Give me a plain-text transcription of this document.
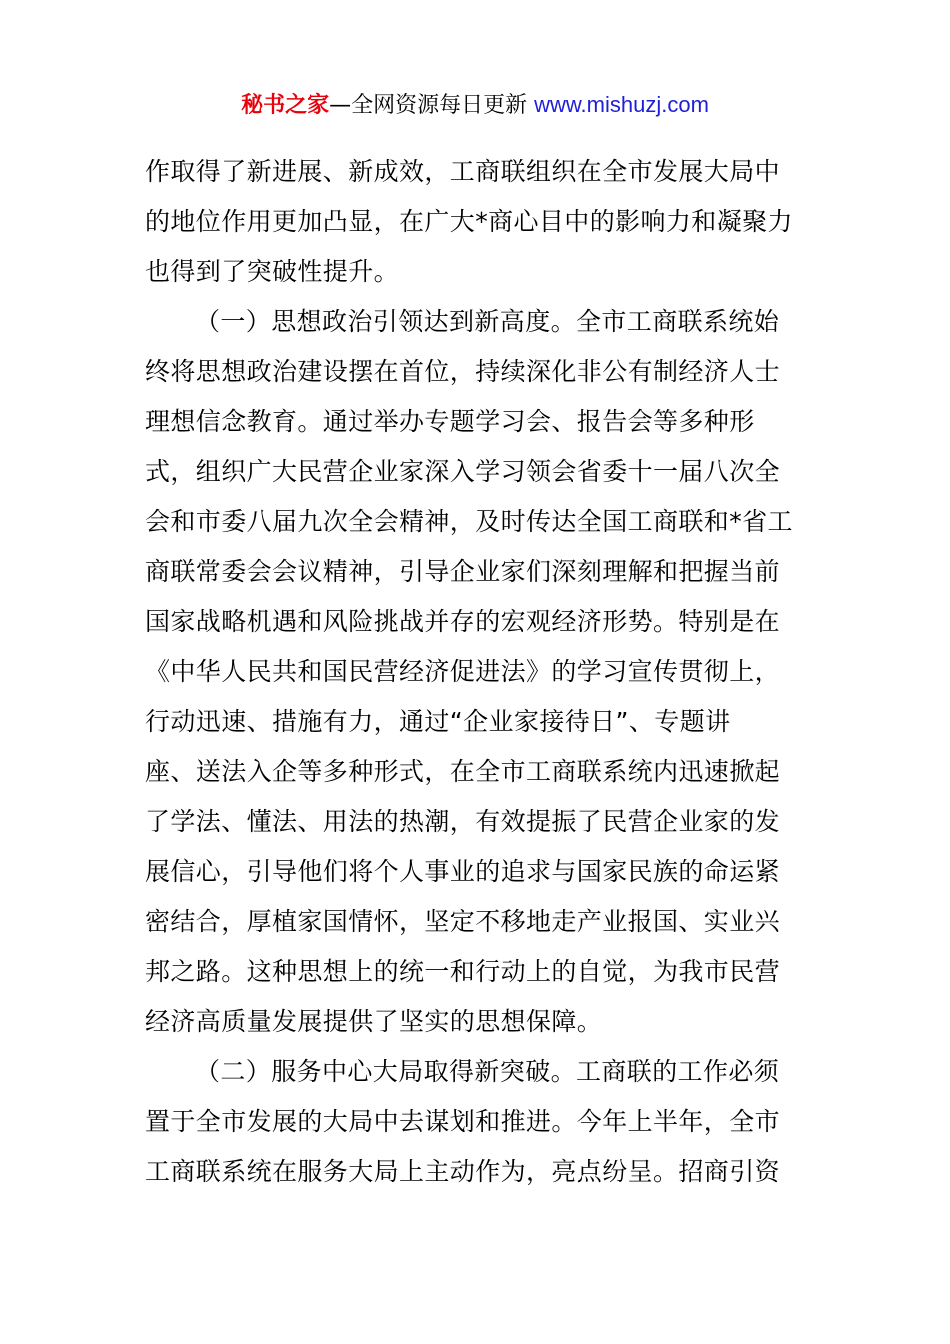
秘书之家—全网资源每日更新 www.mishuzj.com
作取得了新进展、新成效，工商联组织在全市发展大局中
的地位作用更加凸显，在广大*商心目中的影响力和凝聚力
也得到了突破性提升。
（一）思想政治引领达到新高度。全市工商联系统始
终将思想政治建设摆在首位，持续深化非公有制经济人士
理想信念教育。通过举办专题学习会、报告会等多种形
式，组织广大民营企业家深入学习领会省委十一届八次全
会和市委八届九次全会精神，及时传达全国工商联和*省工
商联常委会会议精神，引导企业家们深刻理解和把握当前
国家战略机遇和风险挑战并存的宏观经济形势。特别是在
《中华人民共和国民营经济促进法》的学习宣传贯彻上，
行动迅速、措施有力，通过“企业家接待日”、专题讲
座、送法入企等多种形式，在全市工商联系统内迅速掀起
了学法、懂法、用法的热潮，有效提振了民营企业家的发
展信心，引导他们将个人事业的追求与国家民族的命运紧
密结合，厚植家国情怀，坚定不移地走产业报国、实业兴
邦之路。这种思想上的统一和行动上的自觉，为我市民营
经济高质量发展提供了坚实的思想保障。
（二）服务中心大局取得新突破。工商联的工作必须
置于全市发展的大局中去谋划和推进。今年上半年，全市
工商联系统在服务大局上主动作为，亮点纷呈。招商引资
